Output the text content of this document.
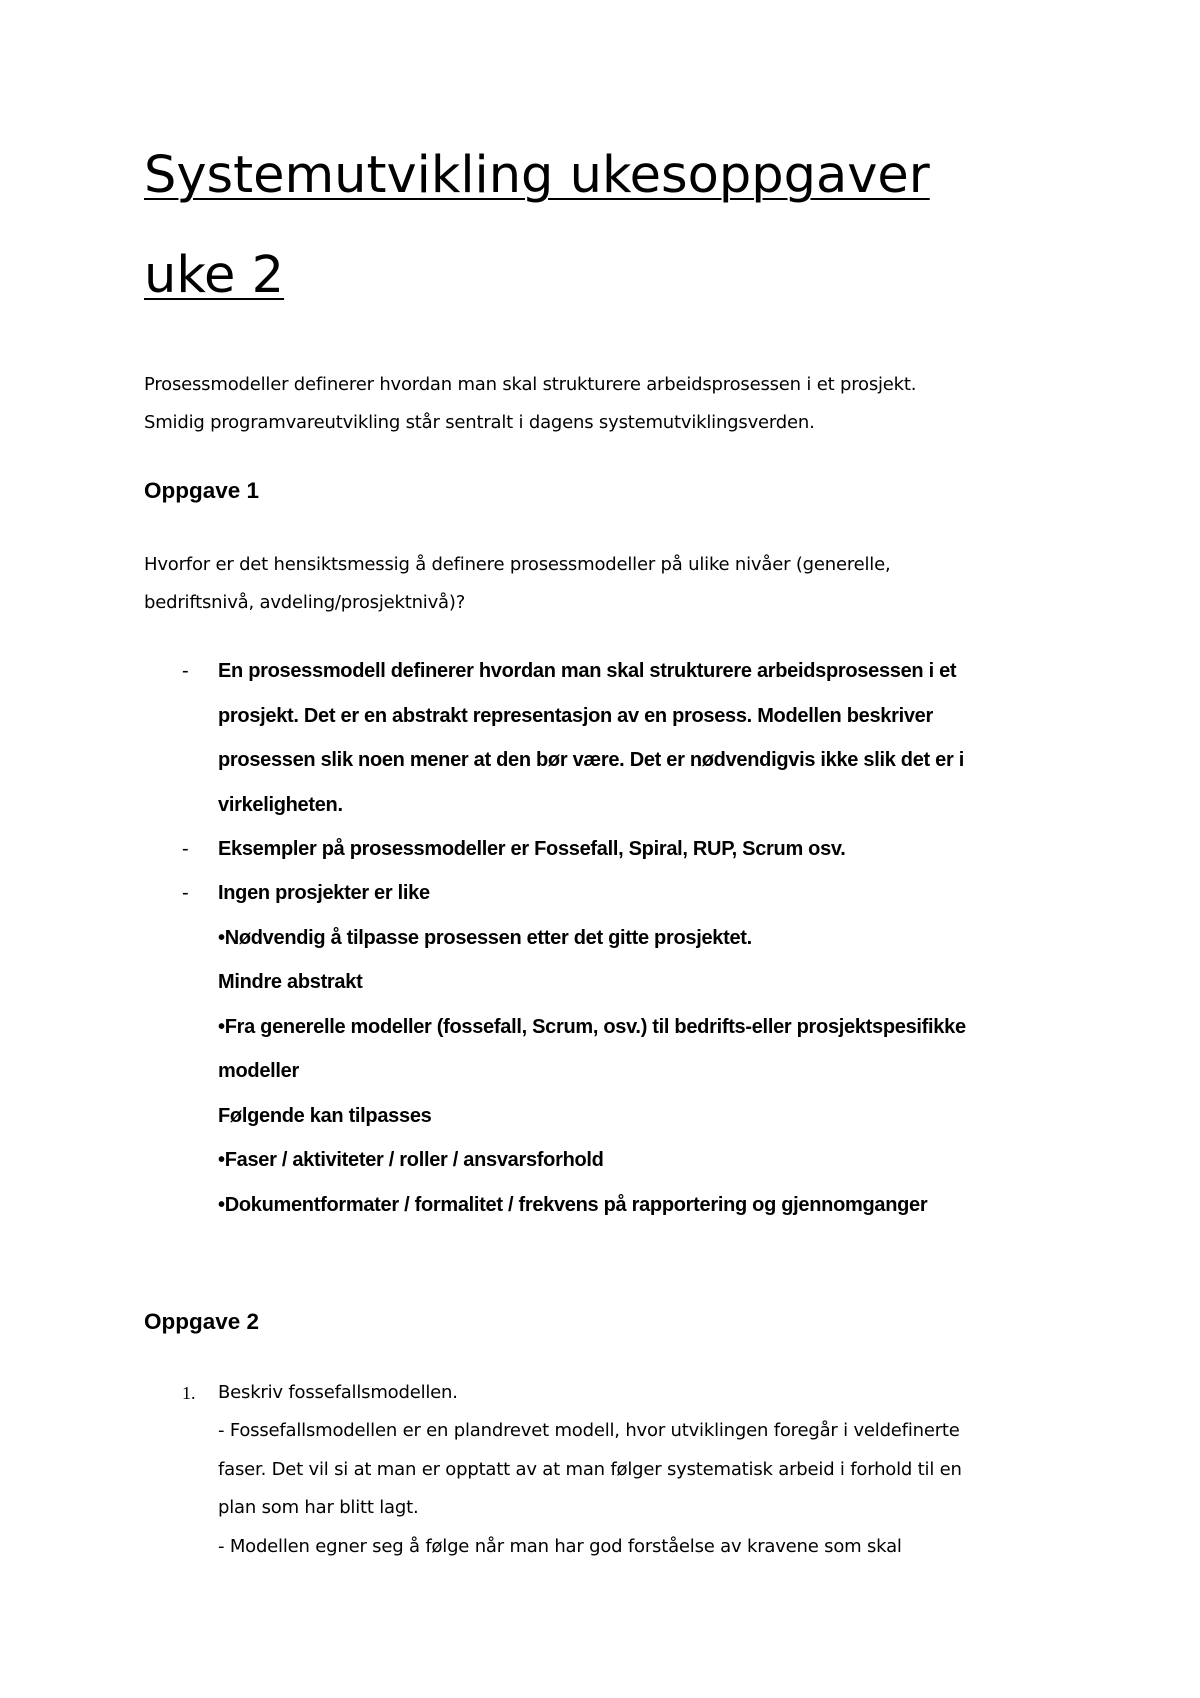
Systemutvikling ukesoppgaver
uke 2

Prosessmodeller definerer hvordan man skal strukturere arbeidsprosessen i et prosjekt.

Smidig programvareutvikling står sentralt i dagens systemutviklingsverden.

Oppgave 1

Hvorfor er det hensiktsmessig å definere prosessmodeller på ulike nivåer (generelle,

bedriftsnivå, avdeling/prosjektnivå)?

-
-
-

En prosessmodell definerer hvordan man skal strukturere arbeidsprosessen i et

prosjekt. Det er en abstrakt representasjon av en prosess. Modellen beskriver

prosessen slik noen mener at den bør være. Det er nødvendigvis ikke slik det er i

virkeligheten.

Eksempler på prosessmodeller er Fossefall, Spiral, RUP, Scrum osv.

Ingen prosjekter er like

•Nødvendig å tilpasse prosessen etter det gitte prosjektet.

Mindre abstrakt

•Fra generelle modeller (fossefall, Scrum, osv.) til bedrifts-eller prosjektspesifikke

modeller

Følgende kan tilpasses

•Faser / aktiviteter / roller / ansvarsforhold

•Dokumentformater / formalitet / frekvens på rapportering og gjennomganger

Oppgave 2
1. Beskriv fossefallsmodellen.

- Fossefallsmodellen er en plandrevet modell, hvor utviklingen foregår i veldefinerte

faser. Det vil si at man er opptatt av at man følger systematisk arbeid i forhold til en

plan som har blitt lagt.

- Modellen egner seg å følge når man har god forståelse av kravene som skal
